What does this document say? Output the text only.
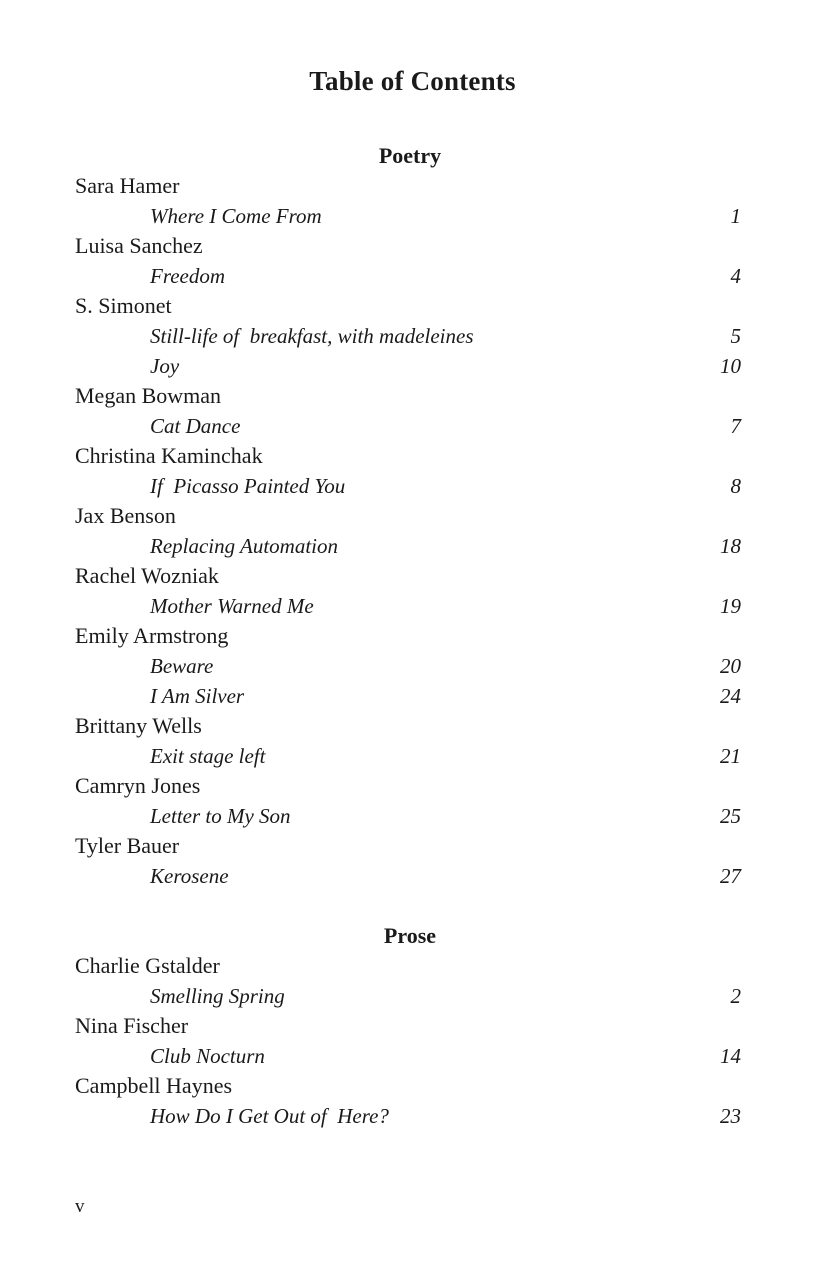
Table of Contents
Poetry
Sara Hamer
Where I Come From	1
Luisa Sanchez
Freedom	4
S. Simonet
Still-life of  breakfast, with madeleines	5
Joy	10
Megan Bowman
Cat Dance	7
Christina Kaminchak
If  Picasso Painted You	8
Jax Benson
Replacing Automation	18
Rachel Wozniak
Mother Warned Me	19
Emily Armstrong
Beware	20
I Am Silver	24
Brittany Wells
Exit stage left	21
Camryn Jones
Letter to My Son	25
Tyler Bauer
Kerosene	27
Prose
Charlie Gstalder
Smelling Spring	2
Nina Fischer
Club Nocturn	14
Campbell Haynes
How Do I Get Out of  Here?	23
v
